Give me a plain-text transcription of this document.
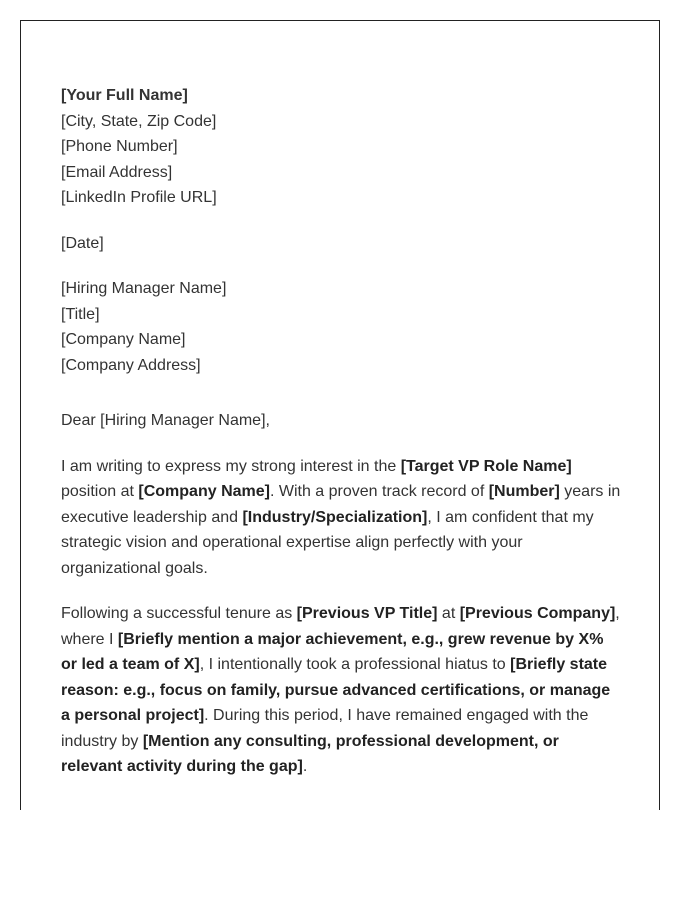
[Your Full Name]
[City, State, Zip Code]
[Phone Number]
[Email Address]
[LinkedIn Profile URL]
[Date]
[Hiring Manager Name]
[Title]
[Company Name]
[Company Address]
Dear [Hiring Manager Name],
I am writing to express my strong interest in the [Target VP Role Name]
position at [Company Name]. With a proven track record of [Number] years in
executive leadership and [Industry/Specialization], I am confident that my
strategic vision and operational expertise align perfectly with your
organizational goals.
Following a successful tenure as [Previous VP Title] at [Previous Company],
where I [Briefly mention a major achievement, e.g., grew revenue by X%
or led a team of X], I intentionally took a professional hiatus to [Briefly state
reason: e.g., focus on family, pursue advanced certifications, or manage
a personal project]. During this period, I have remained engaged with the
industry by [Mention any consulting, professional development, or
relevant activity during the gap].
